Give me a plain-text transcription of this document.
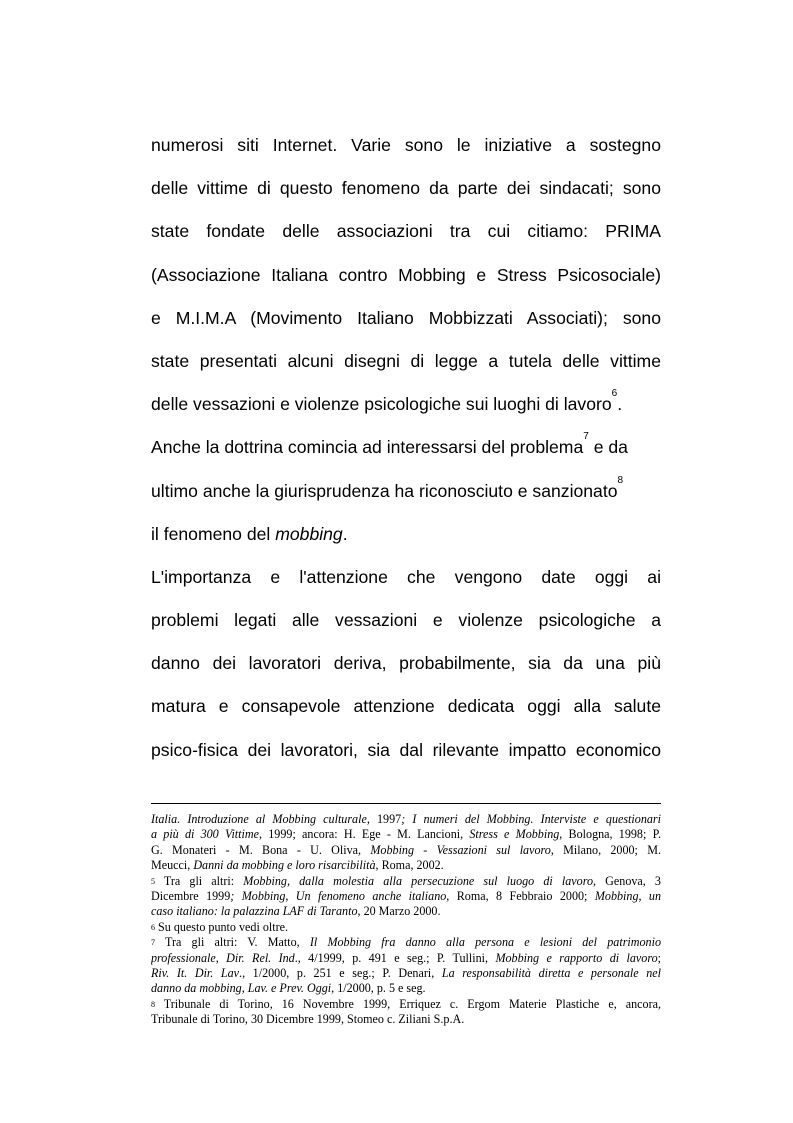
numerosi siti Internet. Varie sono le iniziative a sostegno
delle vittime di questo fenomeno da parte dei sindacati; sono
state fondate delle associazioni tra cui citiamo: PRIMA
(Associazione Italiana contro Mobbing e Stress Psicosociale)
e M.I.M.A (Movimento Italiano Mobbizzati Associati); sono
state presentati alcuni disegni di legge a tutela delle vittime
delle vessazioni e violenze psicologiche sui luoghi di lavoro$^6$.
Anche la dottrina comincia ad interessarsi del problema$^7$ e da
ultimo anche la giurisprudenza ha riconosciuto e sanzionato$^8$
il fenomeno del mobbing.
L'importanza e l'attenzione che vengono date oggi ai
problemi legati alle vessazioni e violenze psicologiche a
danno dei lavoratori deriva, probabilmente, sia da una più
matura e consapevole attenzione dedicata oggi alla salute
psico-fisica dei lavoratori, sia dal rilevante impatto economico
Italia. Introduzione al Mobbing culturale, 1997; I numeri del Mobbing. Interviste e questionari
a più di 300 Vittime, 1999; ancora: H. Ege - M. Lancioni, Stress e Mobbing, Bologna, 1998; P.
G. Monateri - M. Bona - U. Oliva, Mobbing - Vessazioni sul lavoro, Milano, 2000; M.
Meucci, Danni da mobbing e loro risarcibilità, Roma, 2002.
$^5$ Tra gli altri: Mobbing, dalla molestia alla persecuzione sul luogo di lavoro, Genova, 3
Dicembre 1999; Mobbing, Un fenomeno anche italiano, Roma, 8 Febbraio 2000; Mobbing, un
caso italiano: la palazzina LAF di Taranto, 20 Marzo 2000.
$^6$ Su questo punto vedi oltre.
$^7$ Tra gli altri: V. Matto, Il Mobbing fra danno alla persona e lesioni del patrimonio
professionale, Dir. Rel. Ind., 4/1999, p. 491 e seg.; P. Tullini, Mobbing e rapporto di lavoro;
Riv. It. Dir. Lav., 1/2000, p. 251 e seg.; P. Denari, La responsabilità diretta e personale nel
danno da mobbing, Lav. e Prev. Oggi, 1/2000, p. 5 e seg.
$^8$ Tribunale di Torino, 16 Novembre 1999, Erriquez c. Ergom Materie Plastiche e, ancora,
Tribunale di Torino, 30 Dicembre 1999, Stomeo c. Ziliani S.p.A.
